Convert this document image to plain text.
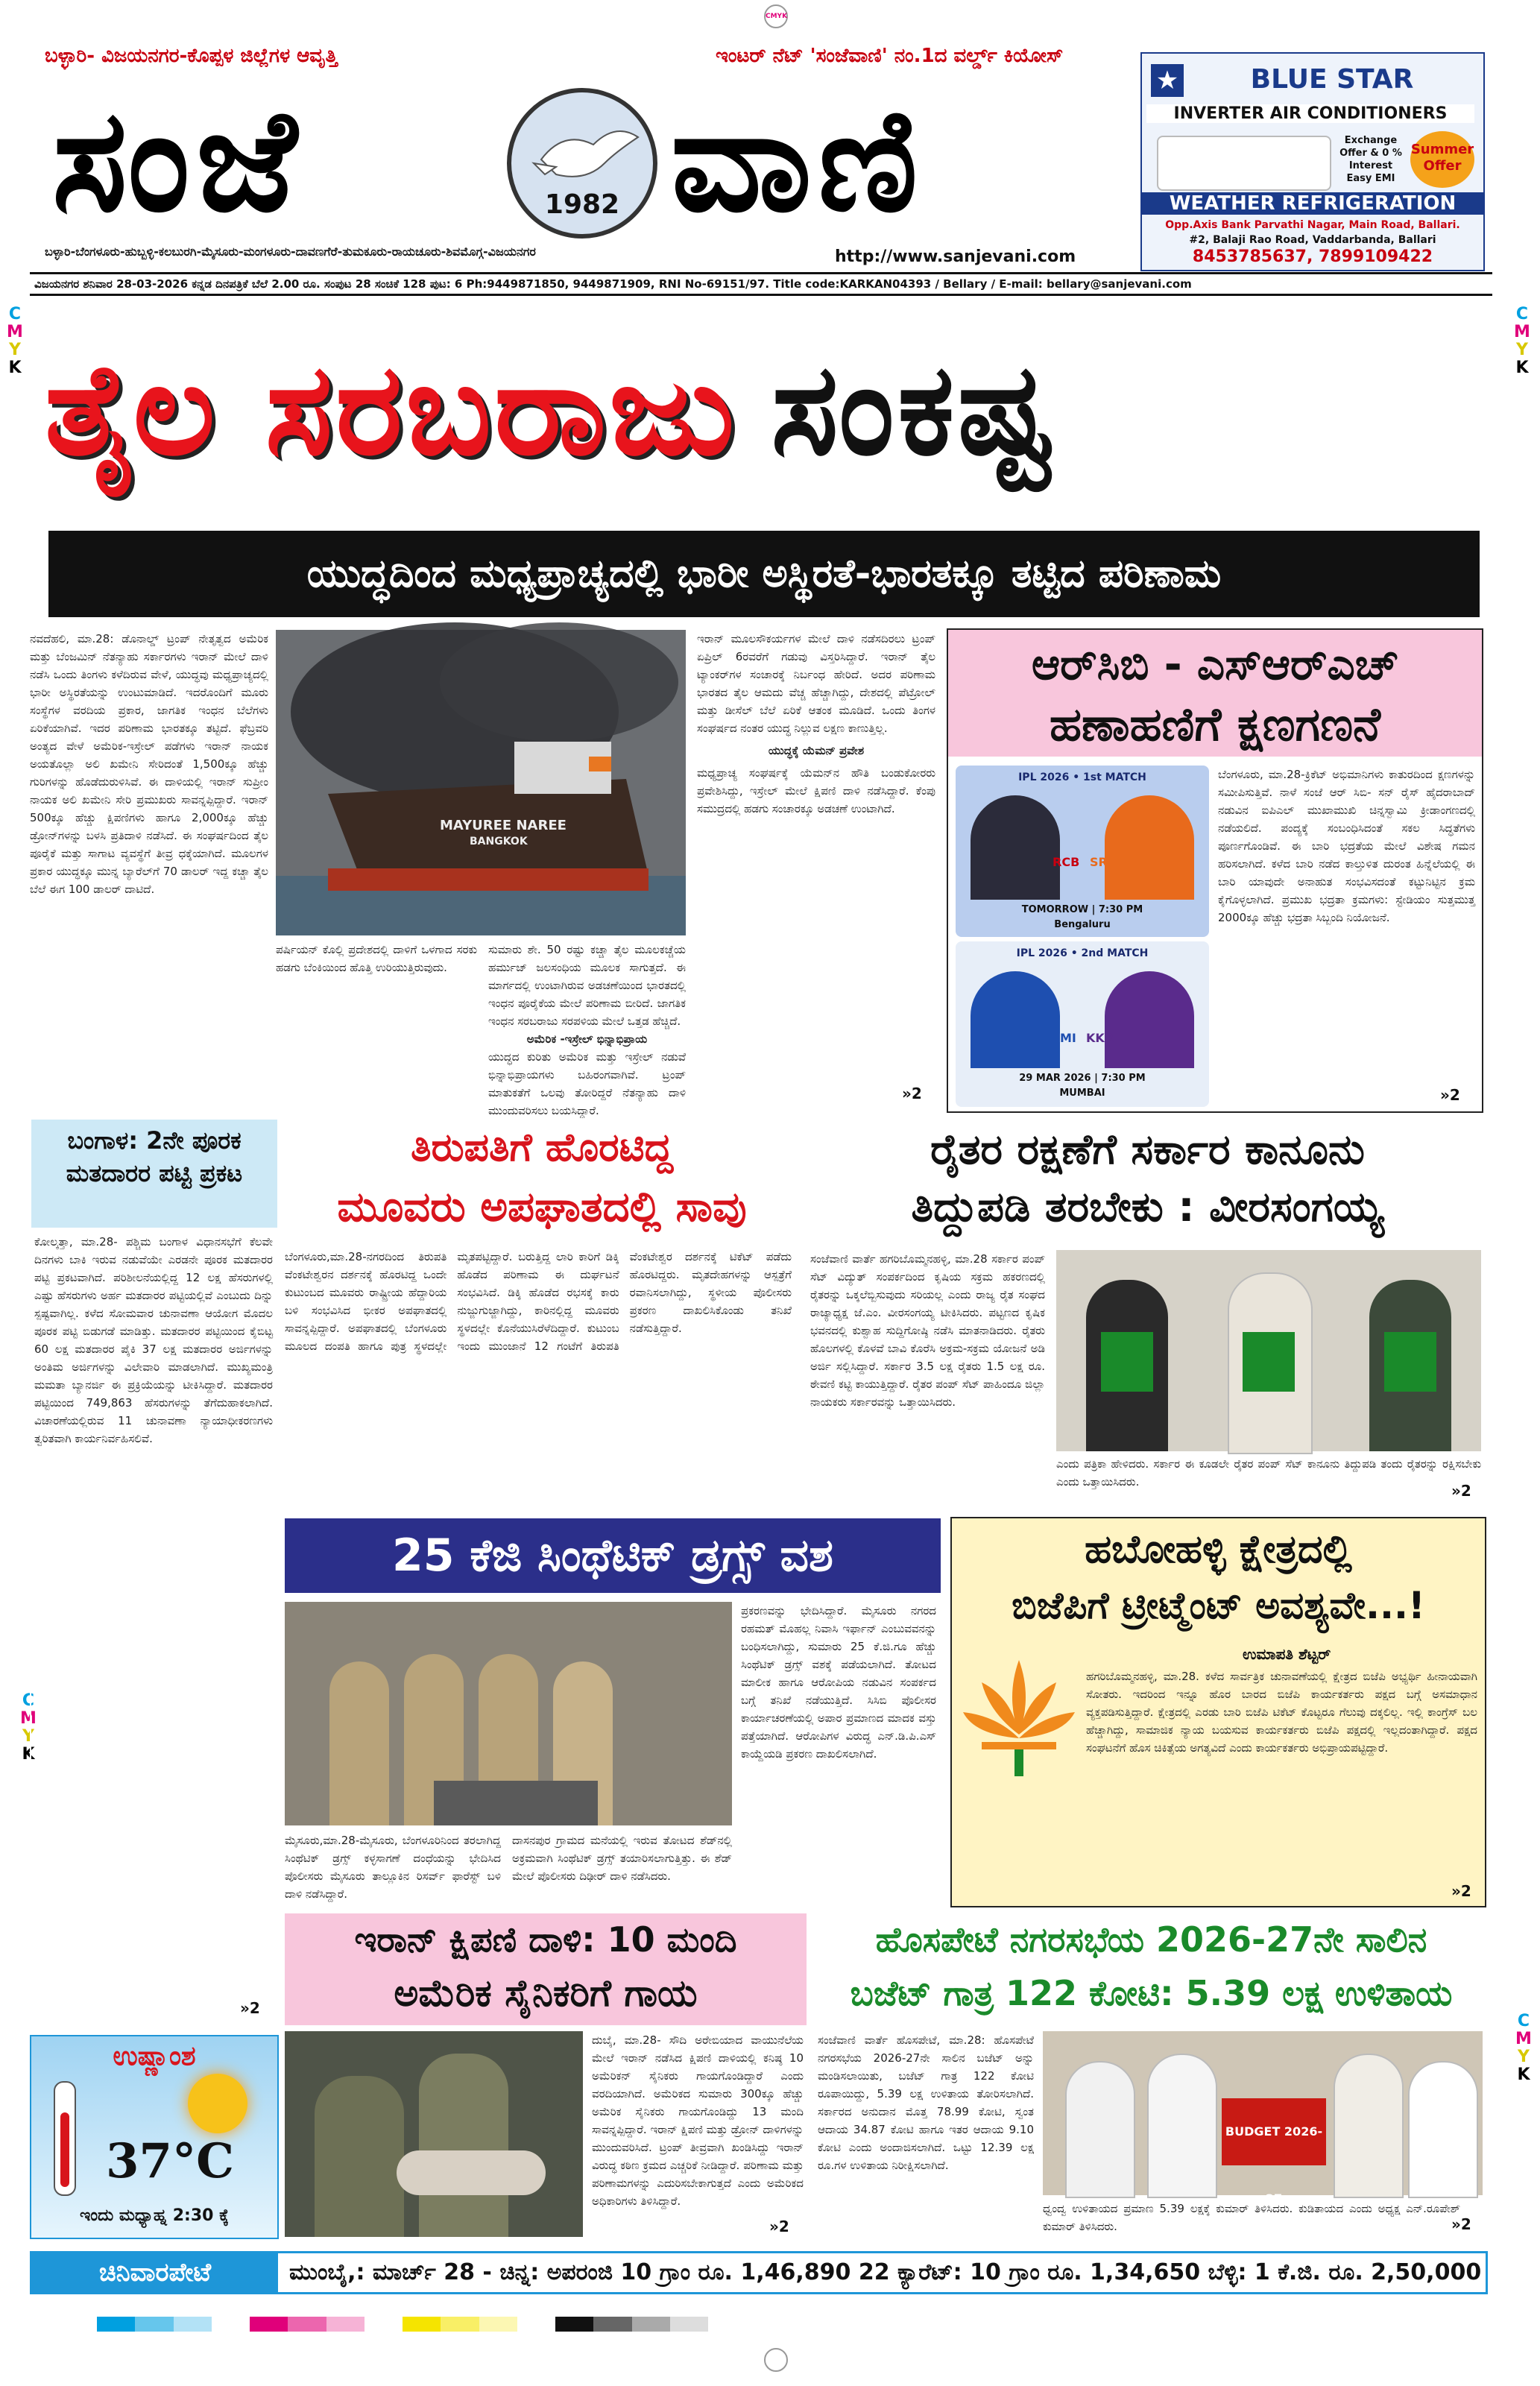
CMYK
C
M
Y
K
C
M
Y
K
C
M
Y
K
C
M
Y
K
ಬಳ್ಳಾರಿ- ವಿಜಯನಗರ-ಕೊಪ್ಪಳ ಜಿಲ್ಲೆಗಳ ಆವೃತ್ತಿ	ಇಂಟರ್ ನೆಟ್ 'ಸಂಜೆವಾಣಿ' ನಂ.1ದ ವರ್ಲ್ಡ್ ಕಿಯೋಸ್
ಸಂಜೆ	1982 ವಾಣಿ
ಬಳ್ಳಾರಿ-ಬೆಂಗಳೂರು-ಹುಬ್ಬಳ್ಳಿ-ಕಲಬುರಗಿ-ಮೈಸೂರು-ಮಂಗಳೂರು-ದಾವಣಗೆರೆ-ತುಮಕೂರು-ರಾಯಚೂರು-ಶಿವಮೊಗ್ಗ-ವಿಜಯನಗರ	http://www.sanjevani.com
★	BLUE STAR
INVERTER AIR CONDITIONERS
Exchange
Offer & 0 %
Interest
Easy EMI
Summer
Offer
WEATHER REFRIGERATION
Opp.Axis Bank Parvathi Nagar, Main Road, Ballari.
#2, Balaji Rao Road, Vaddarbanda, Ballari
8453785637, 7899109422
ವಿಜಯನಗರ ಶನಿವಾರ 28-03-2026 ಕನ್ನಡ ದಿನಪತ್ರಿಕೆ ಬೆಲೆ 2.00 ರೂ. ಸಂಪುಟ 28 ಸಂಚಿಕೆ 128 ಪುಟ: 6 Ph:9449871850, 9449871909, RNI No-69151/97. Title code:KARKAN04393 / Bellary / E-mail: bellary@sanjevani.com
ತೈಲ ಸರಬರಾಜು ಸಂಕಷ್ಟ
ಯುದ್ಧದಿಂದ ಮಧ್ಯಪ್ರಾಚ್ಯದಲ್ಲಿ ಭಾರೀ ಅಸ್ಥಿರತೆ-ಭಾರತಕ್ಕೂ ತಟ್ಟಿದ ಪರಿಣಾಮ
ನವದೆಹಲಿ, ಮಾ.28: ಡೊನಾಲ್ಡ್ ಟ್ರಂಪ್ ನೇತೃತ್ವದ ಅಮೆರಿಕ ಮತ್ತು ಬೆಂಜಮಿನ್ ನೆತನ್ಯಾಹು ಸರ್ಕಾರಗಳು ಇರಾನ್ ಮೇಲೆ ದಾಳಿ ನಡೆಸಿ ಒಂದು ತಿಂಗಳು ಕಳೆದಿರುವ ವೇಳೆ, ಯುದ್ಧವು ಮಧ್ಯಪ್ರಾಚ್ಯದಲ್ಲಿ ಭಾರೀ ಅಸ್ಥಿರತೆಯನ್ನು ಉಂಟುಮಾಡಿದೆ. ಇದರೊಂದಿಗೆ ಮೂರು ಸಂಸ್ಥೆಗಳ ವರದಿಯ ಪ್ರಕಾರ, ಜಾಗತಿಕ ಇಂಧನ ಬೆಲೆಗಳು ಏರಿಕೆಯಾಗಿವೆ. ಇದರ ಪರಿಣಾಮ ಭಾರತಕ್ಕೂ ತಟ್ಟಿದೆ. ಫೆಬ್ರವರಿ ಅಂತ್ಯದ ವೇಳೆ ಅಮೆರಿಕ-ಇಸ್ರೇಲ್ ಪಡೆಗಳು ಇರಾನ್ ನಾಯಕ ಅಯತೊಲ್ಲಾ ಅಲಿ ಖಮೇನಿ ಸೇರಿದಂತೆ 1,500ಕ್ಕೂ ಹೆಚ್ಚು ಗುರಿಗಳನ್ನು ಹೊಡೆದುರುಳಿಸಿವೆ. ಈ ದಾಳಿಯಲ್ಲಿ ಇರಾನ್ ಸುಪ್ರೀಂ ನಾಯಕ ಅಲಿ ಖಮೇನಿ ಸೇರಿ ಪ್ರಮುಖರು ಸಾವನ್ನಪ್ಪಿದ್ದಾರೆ. ಇರಾನ್ 500ಕ್ಕೂ ಹೆಚ್ಚು ಕ್ಷಿಪಣಿಗಳು ಹಾಗೂ 2,000ಕ್ಕೂ ಹೆಚ್ಚು ಡ್ರೋನ್‌ಗಳನ್ನು ಬಳಸಿ ಪ್ರತಿದಾಳಿ ನಡೆಸಿದೆ. ಈ ಸಂಘರ್ಷದಿಂದ ತೈಲ ಪೂರೈಕೆ ಮತ್ತು ಸಾಗಾಟ ವ್ಯವಸ್ಥೆಗೆ ತೀವ್ರ ಧಕ್ಕೆಯಾಗಿದೆ. ಮೂಲಗಳ ಪ್ರಕಾರ ಯುದ್ಧಕ್ಕೂ ಮುನ್ನ ಬ್ಯಾರೆಲ್‌ಗೆ 70 ಡಾಲರ್ ಇದ್ದ ಕಚ್ಚಾ ತೈಲ ಬೆಲೆ ಈಗ 100 ಡಾಲರ್ ದಾಟಿದೆ.
MAYUREE NAREE
BANGKOK
ಪರ್ಷಿಯನ್ ಕೊಲ್ಲಿ ಪ್ರದೇಶದಲ್ಲಿ ದಾಳಿಗೆ ಒಳಗಾದ ಸರಕು ಹಡಗು ಬೆಂಕಿಯಿಂದ ಹೊತ್ತಿ ಉರಿಯುತ್ತಿರುವುದು.
ಸುಮಾರು ಶೇ. 50 ರಷ್ಟು ಕಚ್ಚಾ ತೈಲ ಮೂಲಕಚ್ಚೆಯ ಹರ್ಮುಜ್ ಜಲಸಂಧಿಯ ಮೂಲಕ ಸಾಗುತ್ತದೆ. ಈ ಮಾರ್ಗದಲ್ಲಿ ಉಂಟಾಗಿರುವ ಅಡಚಣೆಯಿಂದ ಭಾರತದಲ್ಲಿ ಇಂಧನ ಪೂರೈಕೆಯ ಮೇಲೆ ಪರಿಣಾಮ ಬೀರಿದೆ. ಜಾಗತಿಕ ಇಂಧನ ಸರಬರಾಜು ಸರಪಳಿಯ ಮೇಲೆ ಒತ್ತಡ ಹೆಚ್ಚಿದೆ.

ಅಮೆರಿಕ -ಇಸ್ರೇಲ್ ಭಿನ್ನಾಭಿಪ್ರಾಯ
ಯುದ್ಧದ ಕುರಿತು ಅಮೆರಿಕ ಮತ್ತು ಇಸ್ರೇಲ್ ನಡುವೆ ಭಿನ್ನಾಭಿಪ್ರಾಯಗಳು ಬಹಿರಂಗವಾಗಿವೆ. ಟ್ರಂಪ್ ಮಾತುಕತೆಗೆ ಒಲವು ತೋರಿದ್ದರೆ ನೆತನ್ಯಾಹು ದಾಳಿ ಮುಂದುವರಿಸಲು ಬಯಸಿದ್ದಾರೆ.
ಇರಾನ್ ಮೂಲಸೌಕರ್ಯಗಳ ಮೇಲೆ ದಾಳಿ ನಡೆಸದಿರಲು ಟ್ರಂಪ್ ಏಪ್ರಿಲ್ 6ರವರೆಗೆ ಗಡುವು ವಿಸ್ತರಿಸಿದ್ದಾರೆ. ಇರಾನ್ ತೈಲ ಟ್ಯಾಂಕರ್‌ಗಳ ಸಂಚಾರಕ್ಕೆ ನಿರ್ಬಂಧ ಹೇರಿದೆ. ಅದರ ಪರಿಣಾಮ ಭಾರತದ ತೈಲ ಆಮದು ವೆಚ್ಚ ಹೆಚ್ಚಾಗಿದ್ದು, ದೇಶದಲ್ಲಿ ಪೆಟ್ರೋಲ್ ಮತ್ತು ಡೀಸೆಲ್ ಬೆಲೆ ಏರಿಕೆ ಆತಂಕ ಮೂಡಿದೆ. ಒಂದು ತಿಂಗಳ ಸಂಘರ್ಷದ ನಂತರ ಯುದ್ಧ ನಿಲ್ಲುವ ಲಕ್ಷಣ ಕಾಣುತ್ತಿಲ್ಲ.

ಯುದ್ಧಕ್ಕೆ ಯೆಮನ್ ಪ್ರವೇಶ
ಮಧ್ಯಪ್ರಾಚ್ಯ ಸಂಘರ್ಷಕ್ಕೆ ಯೆಮನ್‌ನ ಹೌತಿ ಬಂಡುಕೋರರು ಪ್ರವೇಶಿಸಿದ್ದು, ಇಸ್ರೇಲ್ ಮೇಲೆ ಕ್ಷಿಪಣಿ ದಾಳಿ ನಡೆಸಿದ್ದಾರೆ. ಕೆಂಪು ಸಮುದ್ರದಲ್ಲಿ ಹಡಗು ಸಂಚಾರಕ್ಕೂ ಅಡಚಣೆ ಉಂಟಾಗಿದೆ.
»2
ಆರ್‌ಸಿಬಿ - ಎಸ್‌ಆರ್‌ಎಚ್
ಹಣಾಹಣಿಗೆ ಕ್ಷಣಗಣನೆ
IPL 2026 • 1st MATCH
RCB SRH
TOMORROW | 7:30 PM
Bengaluru
IPL 2026 • 2nd MATCH
MI KKR
29 MAR 2026 | 7:30 PM
MUMBAI
ಬೆಂಗಳೂರು, ಮಾ.28-ಕ್ರಿಕೆಟ್ ಅಭಿಮಾನಿಗಳು ಕಾತುರದಿಂದ ಕ್ಷಣಗಳನ್ನು ಸಮೀಪಿಸುತ್ತಿವೆ. ನಾಳೆ ಸಂಜೆ ಆರ್ ಸಿಬಿ- ಸನ್ ರೈಸ್ ಹೈದರಾಬಾದ್ ನಡುವಿನ ಐಪಿಎಲ್ ಮುಖಾಮುಖಿ ಚಿನ್ನಸ್ವಾಮಿ ಕ್ರೀಡಾಂಗಣದಲ್ಲಿ ನಡೆಯಲಿದೆ. ಪಂದ್ಯಕ್ಕೆ ಸಂಬಂಧಿಸಿದಂತೆ ಸಕಲ ಸಿದ್ಧತೆಗಳು ಪೂರ್ಣಗೊಂಡಿವೆ. ಈ ಬಾರಿ ಭದ್ರತೆಯ ಮೇಲೆ ವಿಶೇಷ ಗಮನ ಹರಿಸಲಾಗಿದೆ. ಕಳೆದ ಬಾರಿ ನಡೆದ ಕಾಲ್ತುಳಿತ ದುರಂತ ಹಿನ್ನೆಲೆಯಲ್ಲಿ ಈ ಬಾರಿ ಯಾವುದೇ ಅನಾಹುತ ಸಂಭವಿಸದಂತೆ ಕಟ್ಟುನಿಟ್ಟಿನ ಕ್ರಮ ಕೈಗೊಳ್ಳಲಾಗಿದೆ. ಪ್ರಮುಖ ಭದ್ರತಾ ಕ್ರಮಗಳು: ಸ್ಟೇಡಿಯಂ ಸುತ್ತಮುತ್ತ 2000ಕ್ಕೂ ಹೆಚ್ಚು ಭದ್ರತಾ ಸಿಬ್ಬಂದಿ ನಿಯೋಜನೆ.
»2
ಬಂಗಾಳ: 2ನೇ ಪೂರಕ ಮತದಾರರ ಪಟ್ಟಿ ಪ್ರಕಟ
ಕೋಲ್ಕತ್ತಾ, ಮಾ.28- ಪಶ್ಚಿಮ ಬಂಗಾಳ ವಿಧಾನಸಭೆಗೆ ಕೆಲವೇ ದಿನಗಳು ಬಾಕಿ ಇರುವ ನಡುವೆಯೇ ಎರಡನೇ ಪೂರಕ ಮತದಾರರ ಪಟ್ಟಿ ಪ್ರಕಟವಾಗಿದೆ. ಪರಿಶೀಲನೆಯಲ್ಲಿದ್ದ 12 ಲಕ್ಷ ಹೆಸರುಗಳಲ್ಲಿ ಎಷ್ಟು ಹೆಸರುಗಳು ಅರ್ಹ ಮತದಾರರ ಪಟ್ಟಿಯಲ್ಲಿವೆ ಎಂಬುದು ದಿನ್ನು ಸ್ಪಷ್ಟವಾಗಿಲ್ಲ. ಕಳೆದ ಸೋಮವಾರ ಚುನಾವಣಾ ಆಯೋಗ ಮೊದಲ ಪೂರಕ ಪಟ್ಟಿ ಬಿಡುಗಡೆ ಮಾಡಿತ್ತು. ಮತದಾರರ ಪಟ್ಟಿಯಿಂದ ಕೈಬಿಟ್ಟ 60 ಲಕ್ಷ ಮತದಾರರ ಪೈಕಿ 37 ಲಕ್ಷ ಮತದಾರರ ಅರ್ಜಿಗಳನ್ನು ಅಂತಿಮ ಅರ್ಜಿಗಳನ್ನು ವಿಲೇವಾರಿ ಮಾಡಲಾಗಿದೆ. ಮುಖ್ಯಮಂತ್ರಿ ಮಮತಾ ಬ್ಯಾನರ್ಜಿ ಈ ಪ್ರಕ್ರಿಯೆಯನ್ನು ಟೀಕಿಸಿದ್ದಾರೆ. ಮತದಾರರ ಪಟ್ಟಿಯಿಂದ 749,863 ಹೆಸರುಗಳನ್ನು ತೆಗೆದುಹಾಕಲಾಗಿದೆ. ವಿಚಾರಣೆಯಲ್ಲಿರುವ 11 ಚುನಾವಣಾ ನ್ಯಾಯಾಧೀಕರಣಗಳು ತ್ವರಿತವಾಗಿ ಕಾರ್ಯನಿರ್ವಹಿಸಲಿವೆ.
»2
ತಿರುಪತಿಗೆ ಹೊರಟಿದ್ದ
ಮೂವರು ಅಪಘಾತದಲ್ಲಿ ಸಾವು
ಬೆಂಗಳೂರು,ಮಾ.28-ನಗರದಿಂದ ತಿರುಪತಿ ವೆಂಕಟೇಶ್ವರನ ದರ್ಶನಕ್ಕೆ ಹೊರಟಿದ್ದ ಒಂದೇ ಕುಟುಂಬದ ಮೂವರು ರಾಷ್ಟ್ರೀಯ ಹೆದ್ದಾರಿಯ ಬಳಿ ಸಂಭವಿಸಿದ ಭೀಕರ ಅಪಘಾತದಲ್ಲಿ ಸಾವನ್ನಪ್ಪಿದ್ದಾರೆ. ಅಪಘಾತದಲ್ಲಿ ಬೆಂಗಳೂರು ಮೂಲದ ದಂಪತಿ ಹಾಗೂ ಪುತ್ರ ಸ್ಥಳದಲ್ಲೇ ಮೃತಪಟ್ಟಿದ್ದಾರೆ. ಬರುತ್ತಿದ್ದ ಲಾರಿ ಕಾರಿಗೆ ಡಿಕ್ಕಿ ಹೊಡೆದ ಪರಿಣಾಮ ಈ ದುರ್ಘಟನೆ ಸಂಭವಿಸಿದೆ. ಡಿಕ್ಕಿ ಹೊಡೆದ ರಭಸಕ್ಕೆ ಕಾರು ನುಜ್ಜುಗುಜ್ಜಾಗಿದ್ದು, ಕಾರಿನಲ್ಲಿದ್ದ ಮೂವರು ಸ್ಥಳದಲ್ಲೇ ಕೊನೆಯುಸಿರೆಳೆದಿದ್ದಾರೆ. ಕುಟುಂಬ ಇಂದು ಮುಂಜಾನೆ 12 ಗಂಟೆಗೆ ತಿರುಪತಿ ವೆಂಕಟೇಶ್ವರ ದರ್ಶನಕ್ಕೆ ಟಿಕೆಟ್ ಪಡೆದು ಹೊರಟಿದ್ದರು. ಮೃತದೇಹಗಳನ್ನು ಆಸ್ಪತ್ರೆಗೆ ರವಾನಿಸಲಾಗಿದ್ದು, ಸ್ಥಳೀಯ ಪೊಲೀಸರು ಪ್ರಕರಣ ದಾಖಲಿಸಿಕೊಂಡು ತನಿಖೆ ನಡೆಸುತ್ತಿದ್ದಾರೆ.
ರೈತರ ರಕ್ಷಣೆಗೆ ಸರ್ಕಾರ ಕಾನೂನು
ತಿದ್ದುಪಡಿ ತರಬೇಕು : ವೀರಸಂಗಯ್ಯ
ಸಂಜೆವಾಣಿ ವಾರ್ತೆ ಹಗರಿಬೊಮ್ಮನಹಳ್ಳಿ, ಮಾ.28 ಸರ್ಕಾರ ಪಂಪ್ ಸೆಟ್ ವಿದ್ಯುತ್ ಸಂಪರ್ಕದಿಂದ ಕೃಷಿಯ ಸಕ್ರಮ ಹಕರಣದಲ್ಲಿ ರೈತರನ್ನು ಒಕ್ಕಲೆಬ್ಬಿಸುವುದು ಸರಿಯಲ್ಲ ಎಂದು ರಾಜ್ಯ ರೈತ ಸಂಘದ ರಾಜ್ಯಾಧ್ಯಕ್ಷ ಜೆ.ಎಂ. ವೀರಸಂಗಯ್ಯ ಟೀಕಿಸಿದರು. ಪಟ್ಟಣದ ಕೃಷಿಕ ಭವನದಲ್ಲಿ ಕುಶ್ವಾಹ ಸುದ್ದಿಗೋಷ್ಠಿ ನಡೆಸಿ ಮಾತನಾಡಿದರು. ರೈತರು ಹೊಲಗಳಲ್ಲಿ ಕೊಳವೆ ಬಾವಿ ಕೊರೆಸಿ ಅಕ್ರಮ-ಸಕ್ರಮ ಯೋಜನೆ ಅಡಿ ಅರ್ಜಿ ಸಲ್ಲಿಸಿದ್ದಾರೆ. ಸರ್ಕಾರ 3.5 ಲಕ್ಷ ರೈತರು 1.5 ಲಕ್ಷ ರೂ. ಠೇವಣಿ ಕಟ್ಟಿ ಕಾಯುತ್ತಿದ್ದಾರೆ. ರೈತರ ಪಂಪ್ ಸೆಟ್ ಪಾಹಿಂದೂ ಜಿಲ್ಲಾ ನಾಯಕರು ಸರ್ಕಾರವನ್ನು ಒತ್ತಾಯಿಸಿದರು.
ಎಂದು ಪತ್ರಿಕಾ ಹೇಳಿದರು. ಸರ್ಕಾರ ಈ ಕೂಡಲೇ ರೈತರ ಪಂಪ್ ಸೆಟ್ ಕಾನೂನು ತಿದ್ದುಪಡಿ ತಂದು ರೈತರನ್ನು ರಕ್ಷಿಸಬೇಕು ಎಂದು ಒತ್ತಾಯಿಸಿದರು.	»2
25 ಕೆಜಿ ಸಿಂಥೆಟಿಕ್ ಡ್ರಗ್ಸ್ ವಶ
ಮೈಸೂರು,ಮಾ.28-ಮೈಸೂರು, ಬೆಂಗಳೂರಿನಿಂದ ತರಲಾಗಿದ್ದ ಸಿಂಥೆಟಿಕ್ ಡ್ರಗ್ಸ್ ಕಳ್ಳಸಾಗಣೆ ದಂಧೆಯನ್ನು ಭೇದಿಸಿದ ಪೊಲೀಸರು ಮೈಸೂರು ತಾಲ್ಲೂಕಿನ ರಿಸರ್ವ್ ಫಾರೆಸ್ಟ್ ಬಳಿ ದಾಳಿ ನಡೆಸಿದ್ದಾರೆ.
ದಾಸನಪುರ ಗ್ರಾಮದ ಮನೆಯಲ್ಲಿ ಇರುವ ತೋಟದ ಶೆಡ್‌ನಲ್ಲಿ ಅಕ್ರಮವಾಗಿ ಸಿಂಥೆಟಿಕ್ ಡ್ರಗ್ಸ್ ತಯಾರಿಸಲಾಗುತ್ತಿತ್ತು. ಈ ಶೆಡ್ ಮೇಲೆ ಪೊಲೀಸರು ದಿಢೀರ್ ದಾಳಿ ನಡೆಸಿದರು.
ಪ್ರಕರಣವನ್ನು ಭೇದಿಸಿದ್ದಾರೆ. ಮೈಸೂರು ನಗರದ ರಹಮತ್ ಮೊಹಲ್ಲ ನಿವಾಸಿ ಇರ್ಫಾನ್ ಎಂಬುವವನನ್ನು ಬಂಧಿಸಲಾಗಿದ್ದು, ಸುಮಾರು 25 ಕೆ.ಜಿ.ಗೂ ಹೆಚ್ಚು ಸಿಂಥೆಟಿಕ್ ಡ್ರಗ್ಸ್ ವಶಕ್ಕೆ ಪಡೆಯಲಾಗಿದೆ. ತೋಟದ ಮಾಲೀಕ ಹಾಗೂ ಆರೋಪಿಯ ನಡುವಿನ ಸಂಪರ್ಕದ ಬಗ್ಗೆ ತನಿಖೆ ನಡೆಯುತ್ತಿದೆ. ಸಿಸಿಬಿ ಪೊಲೀಸರ ಕಾರ್ಯಾಚರಣೆಯಲ್ಲಿ ಅಪಾರ ಪ್ರಮಾಣದ ಮಾದಕ ವಸ್ತು ಪತ್ತೆಯಾಗಿದೆ. ಆರೋಪಿಗಳ ವಿರುದ್ಧ ಎನ್.ಡಿ.ಪಿ.ಎಸ್ ಕಾಯ್ದೆಯಡಿ ಪ್ರಕರಣ ದಾಖಲಿಸಲಾಗಿದೆ.
ಹಬೋಹಳ್ಳಿ ಕ್ಷೇತ್ರದಲ್ಲಿ
ಬಿಜೆಪಿಗೆ ಟ್ರೀಟ್ಮೆಂಟ್ ಅವಶ್ಯವೇ...!
ಉಮಾಪತಿ ಶೆಟ್ಟರ್
ಹಗರಿಬೊಮ್ಮನಹಳ್ಳಿ, ಮಾ.28. ಕಳೆದ ಸಾರ್ವತ್ರಿಕ ಚುನಾವಣೆಯಲ್ಲಿ ಕ್ಷೇತ್ರದ ಬಿಜೆಪಿ ಅಭ್ಯರ್ಥಿ ಹೀನಾಯವಾಗಿ ಸೋತರು. ಇದರಿಂದ ಇನ್ನೂ ಹೊರ ಬಾರದ ಬಿಜೆಪಿ ಕಾರ್ಯಕರ್ತರು ಪಕ್ಷದ ಬಗ್ಗೆ ಅಸಮಾಧಾನ ವ್ಯಕ್ತಪಡಿಸುತ್ತಿದ್ದಾರೆ. ಕ್ಷೇತ್ರದಲ್ಲಿ ಎರಡು ಬಾರಿ ಬಿಜೆಪಿ ಟಿಕೆಟ್ ಕೊಟ್ಟರೂ ಗೆಲುವು ದಕ್ಕಲಿಲ್ಲ. ಇಲ್ಲಿ ಕಾಂಗ್ರೆಸ್ ಬಲ ಹೆಚ್ಚಾಗಿದ್ದು, ಸಾಮಾಜಿಕ ನ್ಯಾಯ ಬಯಸುವ ಕಾರ್ಯಕರ್ತರು ಬಿಜೆಪಿ ಪಕ್ಷದಲ್ಲಿ ಇಲ್ಲದಂತಾಗಿದ್ದಾರೆ. ಪಕ್ಷದ ಸಂಘಟನೆಗೆ ಹೊಸ ಚಿಕಿತ್ಸೆಯ ಅಗತ್ಯವಿದೆ ಎಂದು ಕಾರ್ಯಕರ್ತರು ಅಭಿಪ್ರಾಯಪಟ್ಟಿದ್ದಾರೆ.
»2
ಇರಾನ್ ಕ್ಷಿಪಣಿ ದಾಳಿ: 10 ಮಂದಿ
ಅಮೆರಿಕ ಸೈನಿಕರಿಗೆ ಗಾಯ
ದುಬೈ, ಮಾ.28- ಸೌದಿ ಅರೇಬಿಯಾದ ವಾಯುನೆಲೆಯ ಮೇಲೆ ಇರಾನ್ ನಡೆಸಿದ ಕ್ಷಿಪಣಿ ದಾಳಿಯಲ್ಲಿ ಕನಿಷ್ಠ 10 ಅಮೆರಿಕನ್ ಸೈನಿಕರು ಗಾಯಗೊಂಡಿದ್ದಾರೆ ಎಂದು ವರದಿಯಾಗಿದೆ. ಅಮೆರಿಕದ ಸುಮಾರು 300ಕ್ಕೂ ಹೆಚ್ಚು ಅಮೆರಿಕ ಸೈನಿಕರು ಗಾಯಗೊಂಡಿದ್ದು 13 ಮಂದಿ ಸಾವನ್ನಪ್ಪಿದ್ದಾರೆ. ಇರಾನ್ ಕ್ಷಿಪಣಿ ಮತ್ತು ಡ್ರೋನ್ ದಾಳಿಗಳನ್ನು ಮುಂದುವರಿಸಿದೆ. ಟ್ರಂಪ್ ತೀವ್ರವಾಗಿ ಖಂಡಿಸಿದ್ದು ಇರಾನ್ ವಿರುದ್ಧ ಕಠಿಣ ಕ್ರಮದ ಎಚ್ಚರಿಕೆ ನೀಡಿದ್ದಾರೆ. ಪರಿಣಾಮ ಮತ್ತು ಪರಿಣಾಮಗಳನ್ನು ಎದುರಿಸಬೇಕಾಗುತ್ತದೆ ಎಂದು ಅಮೆರಿಕದ ಅಧಿಕಾರಿಗಳು ತಿಳಿಸಿದ್ದಾರೆ.
»2
ಹೊಸಪೇಟೆ ನಗರಸಭೆಯ 2026-27ನೇ ಸಾಲಿನ
ಬಜೆಟ್ ಗಾತ್ರ 122 ಕೋಟಿ: 5.39 ಲಕ್ಷ ಉಳಿತಾಯ
ಸಂಜೆವಾಣಿ ವಾರ್ತೆ ಹೊಸಪೇಟೆ, ಮಾ.28: ಹೊಸಪೇಟೆ ನಗರಸಭೆಯ 2026-27ನೇ ಸಾಲಿನ ಬಜೆಟ್ ಅನ್ನು ಮಂಡಿಸಲಾಯಿತು, ಬಜೆಟ್ ಗಾತ್ರ 122 ಕೋಟಿ ರೂಪಾಯಿದ್ದು, 5.39 ಲಕ್ಷ ಉಳಿತಾಯ ತೋರಿಸಲಾಗಿದೆ. ಸರ್ಕಾರದ ಅನುದಾನ ಮೊತ್ತ 78.99 ಕೋಟಿ, ಸ್ವಂತ ಆದಾಯ 34.87 ಕೋಟಿ ಹಾಗೂ ಇತರ ಆದಾಯ 9.10 ಕೋಟಿ ಎಂದು ಅಂದಾಜಿಸಲಾಗಿದೆ. ಒಟ್ಟು 12.39 ಲಕ್ಷ ರೂ.ಗಳ ಉಳಿತಾಯ ನಿರೀಕ್ಷಿಸಲಾಗಿದೆ.
BUDGET 2026-27
ಧ್ವಂದ್ವ ಉಳಿತಾಯದ ಪ್ರಮಾಣ 5.39 ಲಕ್ಷಕ್ಕೆ ಕುಮಾರ್ ತಿಳಿಸಿದರು. ಕುಡಿತಾಯದ ಎಂದು ಅಧ್ಯಕ್ಷ ಎನ್.ರೂಪೇಶ್ ಕುಮಾರ್ ತಿಳಿಸಿದರು.	»2
ಉಷ್ಣಾಂಶ
37°C
ಇಂದು ಮಧ್ಯಾಹ್ನ 2:30 ಕ್ಕೆ
ಚಿನಿವಾರಪೇಟೆ	ಮುಂಬೈ,: ಮಾರ್ಚ್ 28 - ಚಿನ್ನ: ಅಪರಂಜಿ 10 ಗ್ರಾಂ ರೂ. 1,46,890 22 ಕ್ಯಾರೆಟ್: 10 ಗ್ರಾಂ ರೂ. 1,34,650 ಬೆಳ್ಳಿ: 1 ಕೆ.ಜಿ. ರೂ. 2,50,000
